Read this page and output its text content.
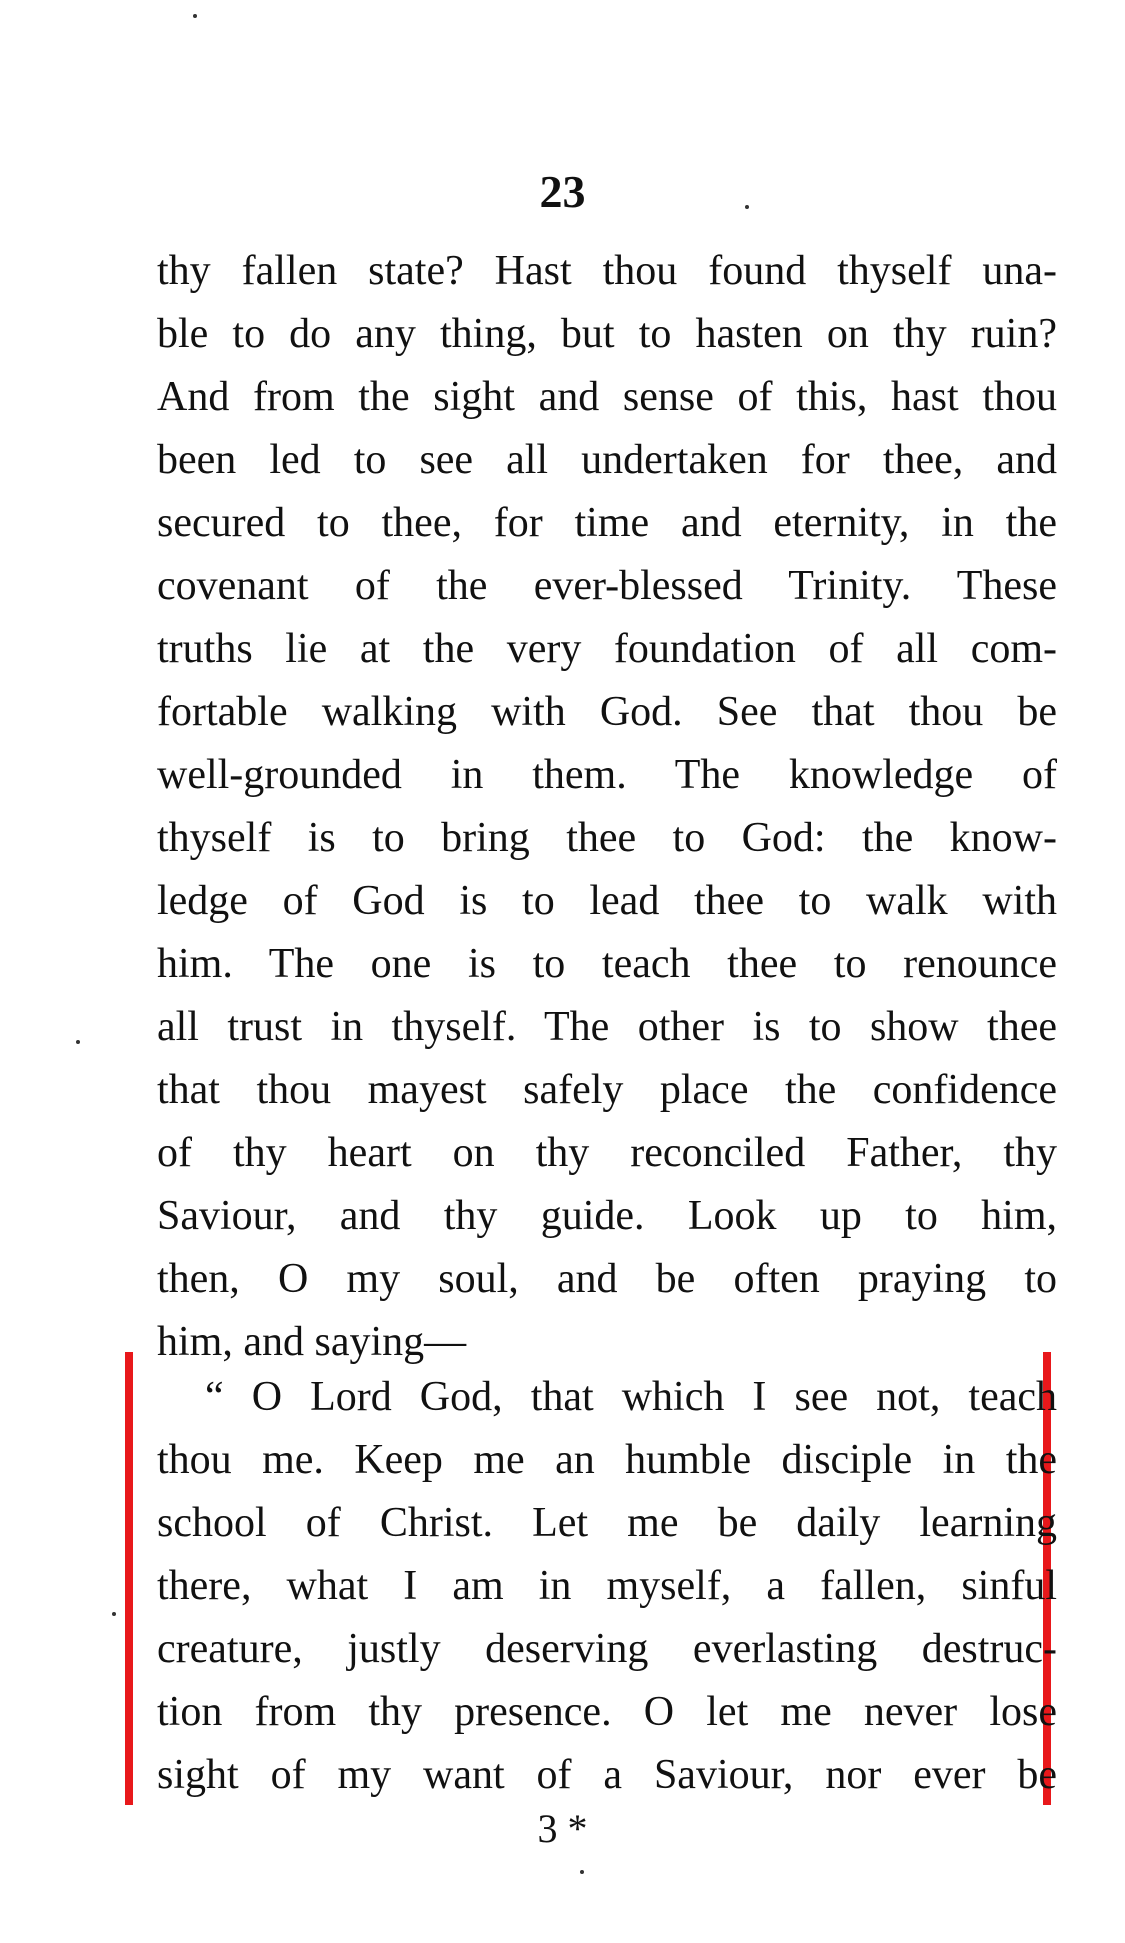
23
thy fallen state? Hast thou found thyself una-
ble to do any thing, but to hasten on thy ruin?
And from the sight and sense of this, hast thou
been led to see all undertaken for thee, and
secured to thee, for time and eternity, in the
covenant of the ever-blessed Trinity. These
truths lie at the very foundation of all com-
fortable walking with God. See that thou be
well-grounded in them. The knowledge of
thyself is to bring thee to God: the know-
ledge of God is to lead thee to walk with
him. The one is to teach thee to renounce
all trust in thyself. The other is to show thee
that thou mayest safely place the confidence
of thy heart on thy reconciled Father, thy
Saviour, and thy guide. Look up to him,
then, O my soul, and be often praying to
him, and saying—
“ O Lord God, that which I see not, teach
thou me. Keep me an humble disciple in the
school of Christ. Let me be daily learning
there, what I am in myself, a fallen, sinful
creature, justly deserving everlasting destruc-
tion from thy presence. O let me never lose
sight of my want of a Saviour, nor ever be
3 *
